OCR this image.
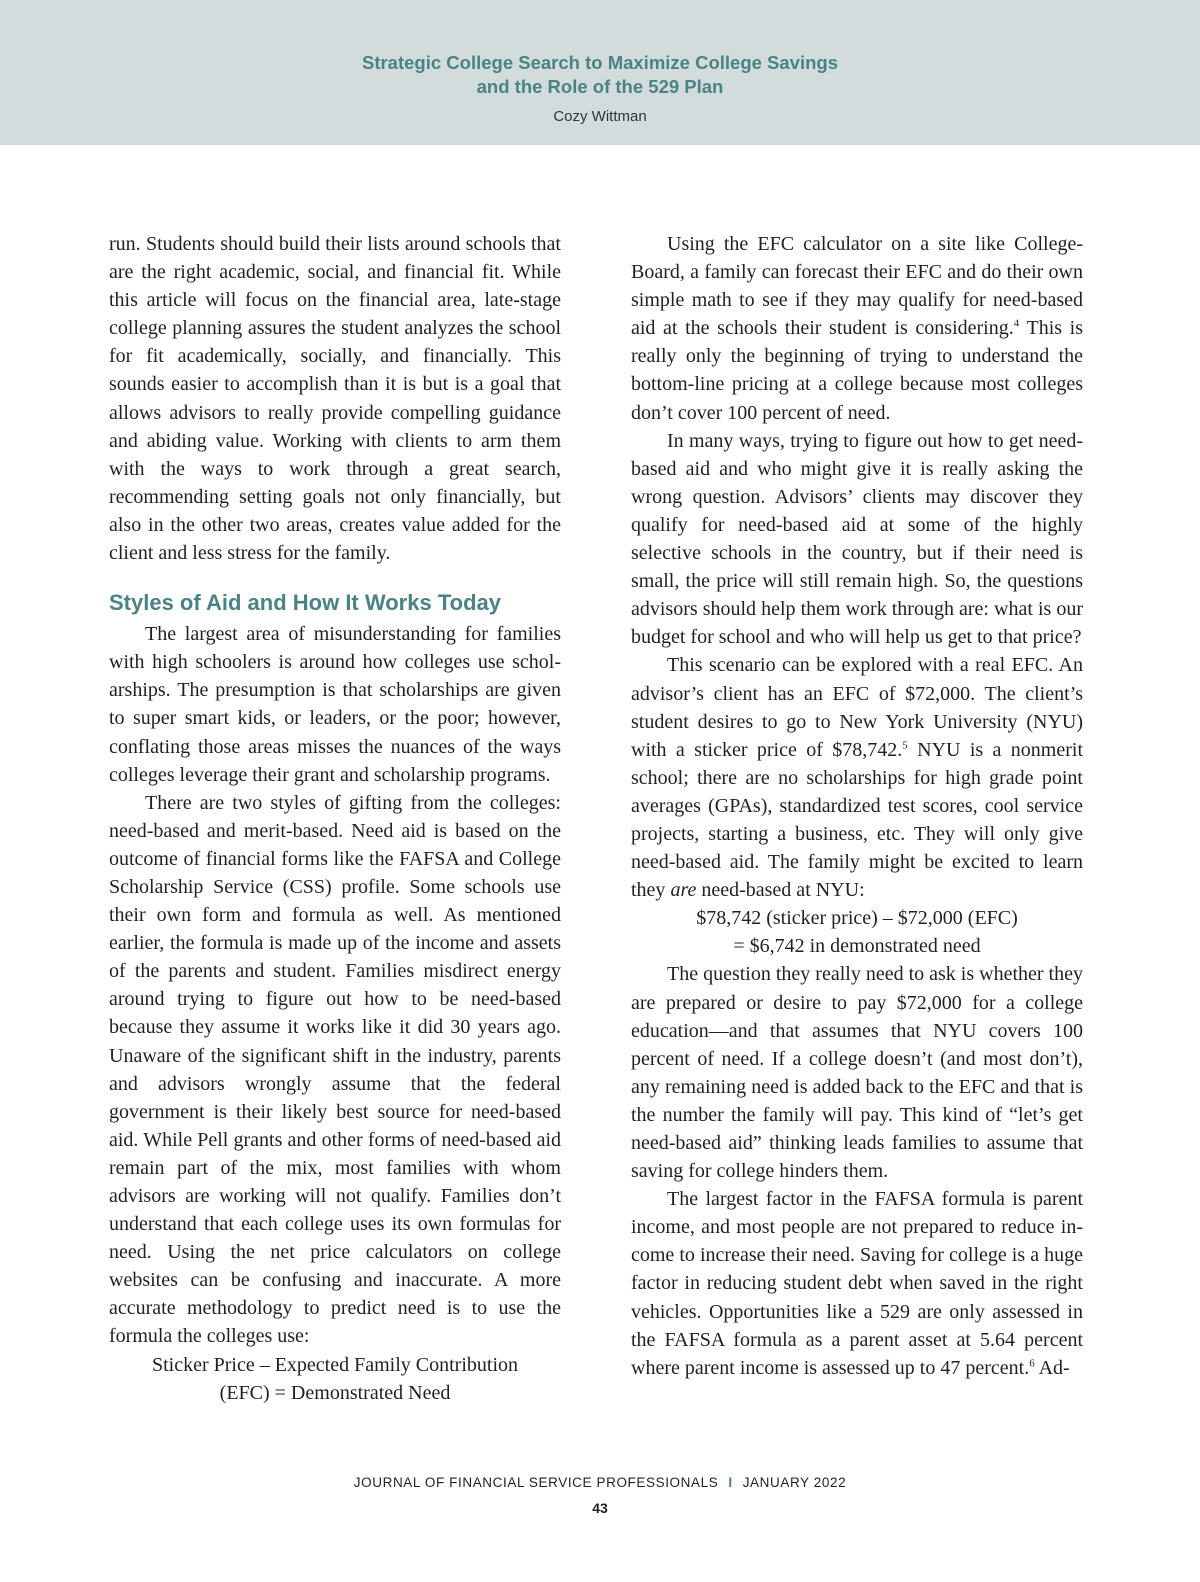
Strategic College Search to Maximize College Savings
and the Role of the 529 Plan
Cozy Wittman

run. Students should build their lists around schools that are the right academic, social, and financial fit. While this article will focus on the financial area, late-stage college planning assures the student analyzes the school for fit academically, socially, and financially. This sounds easier to accomplish than it is but is a goal that allows advisors to really provide compelling guidance and abiding value. Working with clients to arm them with the ways to work through a great search, recommending setting goals not only financially, but also in the other two areas, creates value added for the client and less stress for the family.

Styles of Aid and How It Works Today

The largest area of misunderstanding for families with high schoolers is around how colleges use scholarships. The presumption is that scholarships are given to super smart kids, or leaders, or the poor; however, conflating those areas misses the nuances of the ways colleges leverage their grant and scholarship programs.

There are two styles of gifting from the colleges: need-based and merit-based. Need aid is based on the outcome of financial forms like the FAFSA and College Scholarship Service (CSS) profile. Some schools use their own form and formula as well. As mentioned earlier, the formula is made up of the income and assets of the parents and student. Families misdirect energy around trying to figure out how to be need-based because they assume it works like it did 30 years ago. Unaware of the significant shift in the industry, parents and advisors wrongly assume that the federal government is their likely best source for need-based aid. While Pell grants and other forms of need-based aid remain part of the mix, most families with whom advisors are working will not qualify. Families don’t understand that each college uses its own formulas for need. Using the net price calculators on college websites can be confusing and inaccurate. A more accurate methodology to predict need is to use the formula the colleges use:

Sticker Price – Expected Family Contribution

(EFC) = Demonstrated Need

Using the EFC calculator on a site like CollegeBoard, a family can forecast their EFC and do their own simple math to see if they may qualify for need-based aid at the schools their student is considering.$^4$ This is really only the beginning of trying to understand the bottom-line pricing at a college because most colleges don’t cover 100 percent of need.

In many ways, trying to figure out how to get need-based aid and who might give it is really asking the wrong question. Advisors’ clients may discover they qualify for need-based aid at some of the highly selective schools in the country, but if their need is small, the price will still remain high. So, the questions advisors should help them work through are: what is our budget for school and who will help us get to that price?

This scenario can be explored with a real EFC. An advisor’s client has an EFC of $72,000. The client’s student desires to go to New York University (NYU) with a sticker price of $78,742.$^5$ NYU is a nonmerit school; there are no scholarships for high grade point averages (GPAs), standardized test scores, cool service projects, starting a business, etc. They will only give need-based aid. The family might be excited to learn they are need-based at NYU:

$78,742 (sticker price) – $72,000 (EFC)

= $6,742 in demonstrated need

The question they really need to ask is whether they are prepared or desire to pay $72,000 for a college education—and that assumes that NYU covers 100 percent of need. If a college doesn’t (and most don’t), any remaining need is added back to the EFC and that is the number the family will pay. This kind of “let’s get need-based aid” thinking leads families to assume that saving for college hinders them.

The largest factor in the FAFSA formula is parent income, and most people are not prepared to reduce income to increase their need. Saving for college is a huge factor in reducing student debt when saved in the right vehicles. Opportunities like a 529 are only assessed in the FAFSA formula as a parent asset at 5.64 percent where parent income is assessed up to 47 percent.$^6$ Ad-

JOURNAL OF FINANCIAL SERVICE PROFESSIONALS I JANUARY 2022
43
